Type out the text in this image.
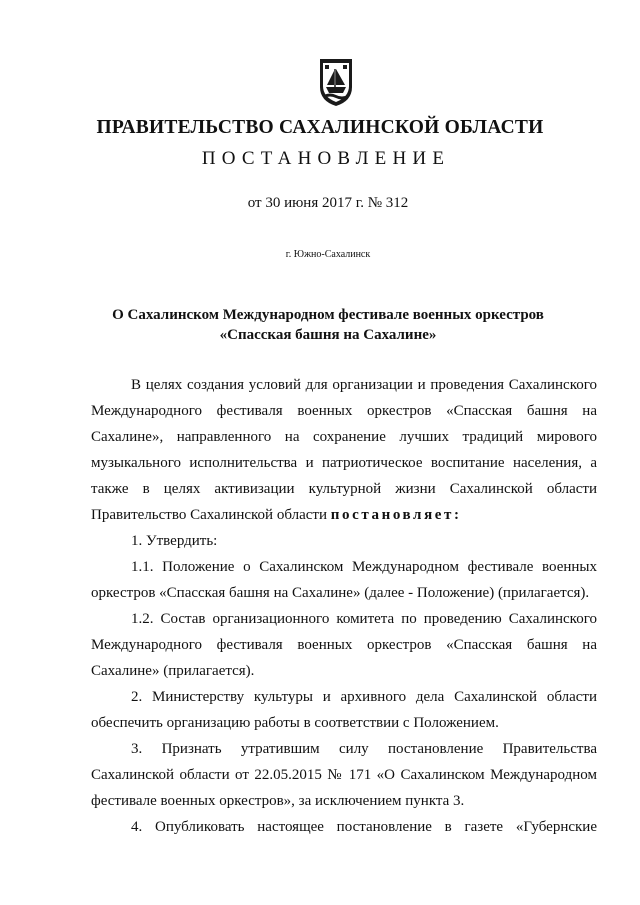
ПРАВИТЕЛЬСТВО САХАЛИНСКОЙ ОБЛАСТИ
ПОСТАНОВЛЕНИЕ
от 30 июня 2017 г. № 312
г. Южно-Сахалинск
О Сахалинском Международном фестивале военных оркестров
«Спасская башня на Сахалине»

В целях создания условий для организации и проведения Сахалинского Международного фестиваля военных оркестров «Спасская башня на Сахалине», направленного на сохранение лучших традиций мирового музыкального исполнительства и патриотическое воспитание населения, а также в целях активизации культурной жизни Сахалинской области Правительство Сахалинской области постановляет:

1. Утвердить:

1.1. Положение о Сахалинском Международном фестивале военных оркестров «Спасская башня на Сахалине» (далее - Положение) (прилагается).

1.2. Состав организационного комитета по проведению Сахалинского Международного фестиваля военных оркестров «Спасская башня на Сахалине» (прилагается).

2. Министерству культуры и архивного дела Сахалинской области обеспечить организацию работы в соответствии с Положением.

3. Признать утратившим силу постановление Правительства Сахалинской области от 22.05.2015 № 171 «О Сахалинском Международном фестивале военных оркестров», за исключением пункта 3.

4. Опубликовать настоящее постановление в газете «Губернские
